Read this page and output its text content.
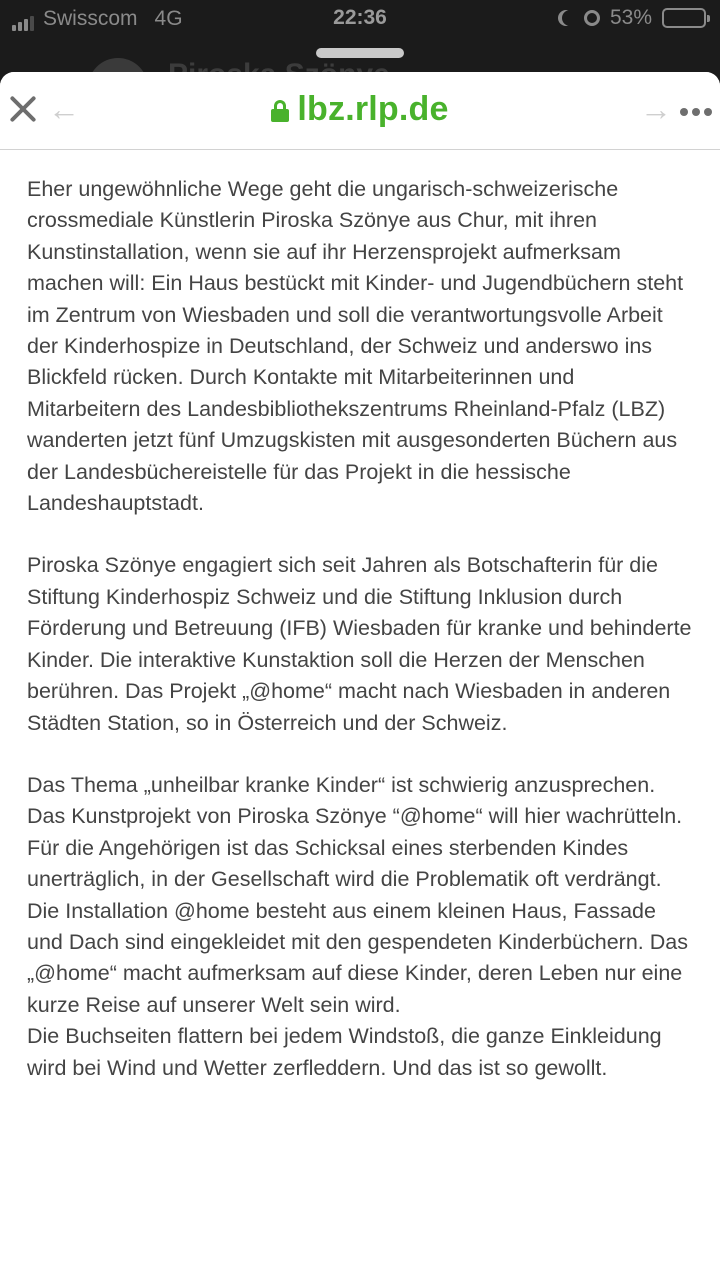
Swisscom 4G	22:36	53%
←	lbz.rlp.de	→

Eher ungewöhnliche Wege geht die ungarisch-schweizerische crossmediale Künstlerin Piroska Szönye aus Chur, mit ihren Kunstinstallation, wenn sie auf ihr Herzensprojekt aufmerksam machen will: Ein Haus bestückt mit Kinder- und Jugendbüchern steht im Zentrum von Wiesbaden und soll die verantwortungsvolle Arbeit der Kinderhospize in Deutschland, der Schweiz und anderswo ins Blickfeld rücken. Durch Kontakte mit Mitarbeiterinnen und Mitarbeitern des Landesbibliothekszentrums Rheinland-Pfalz (LBZ) wanderten jetzt fünf Umzugskisten mit ausgesonderten Büchern aus der Landesbüchereistelle für das Projekt in die hessische Landeshauptstadt.

Piroska Szönye engagiert sich seit Jahren als Botschafterin für die Stiftung Kinderhospiz Schweiz und die Stiftung Inklusion durch Förderung und Betreuung (IFB) Wiesbaden für kranke und behinderte Kinder. Die interaktive Kunstaktion soll die Herzen der Menschen berühren. Das Projekt „@home“ macht nach Wiesbaden in anderen Städten Station, so in Österreich und der Schweiz.

Das Thema „unheilbar kranke Kinder“ ist schwierig anzusprechen. Das Kunstprojekt von Piroska Szönye “@home“ will hier wachrütteln. Für die Angehörigen ist das Schicksal eines sterbenden Kindes unerträglich, in der Gesellschaft wird die Problematik oft verdrängt. Die Installation @home besteht aus einem kleinen Haus, Fassade und Dach sind eingekleidet mit den gespendeten Kinderbüchern. Das „@home“ macht aufmerksam auf diese Kinder, deren Leben nur eine kurze Reise auf unserer Welt sein wird.

Die Buchseiten flattern bei jedem Windstoß, die ganze Einkleidung wird bei Wind und Wetter zerfleddern. Und das ist so gewollt.
